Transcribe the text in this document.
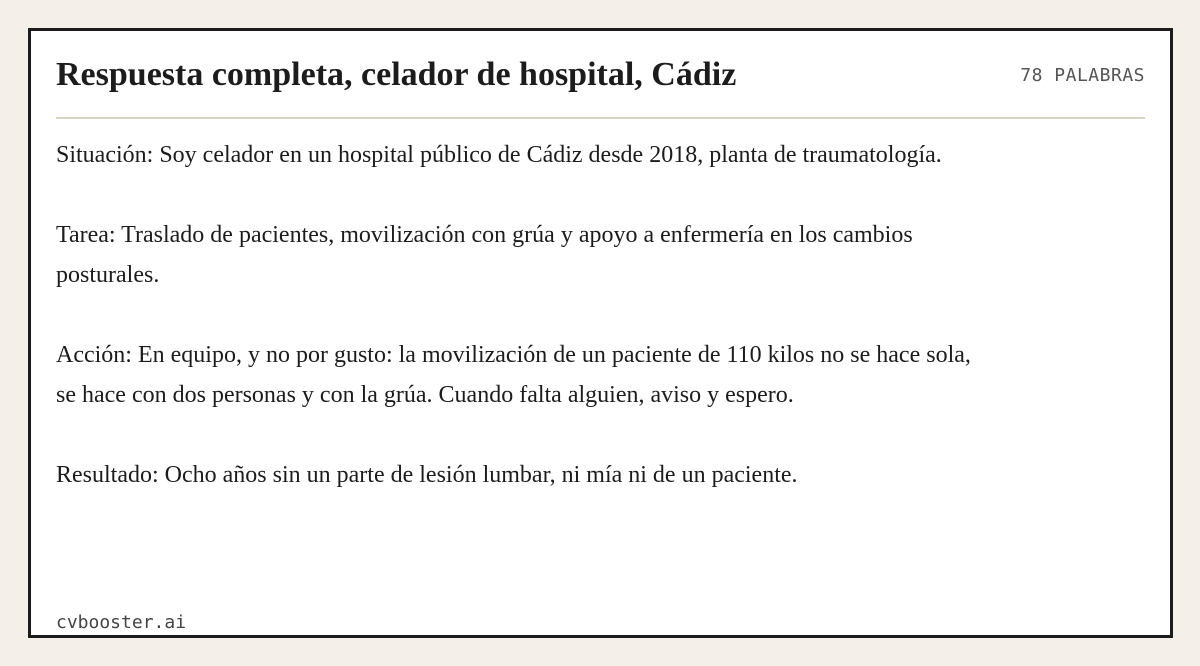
Respuesta completa, celador de hospital, Cádiz	78 PALABRAS

Situación: Soy celador en un hospital público de Cádiz desde 2018, planta de traumatología.

Tarea: Traslado de pacientes, movilización con grúa y apoyo a enfermería en los cambios posturales.

Acción: En equipo, y no por gusto: la movilización de un paciente de 110 kilos no se hace sola, se hace con dos personas y con la grúa. Cuando falta alguien, aviso y espero.

Resultado: Ocho años sin un parte de lesión lumbar, ni mía ni de un paciente.

cvbooster.ai
